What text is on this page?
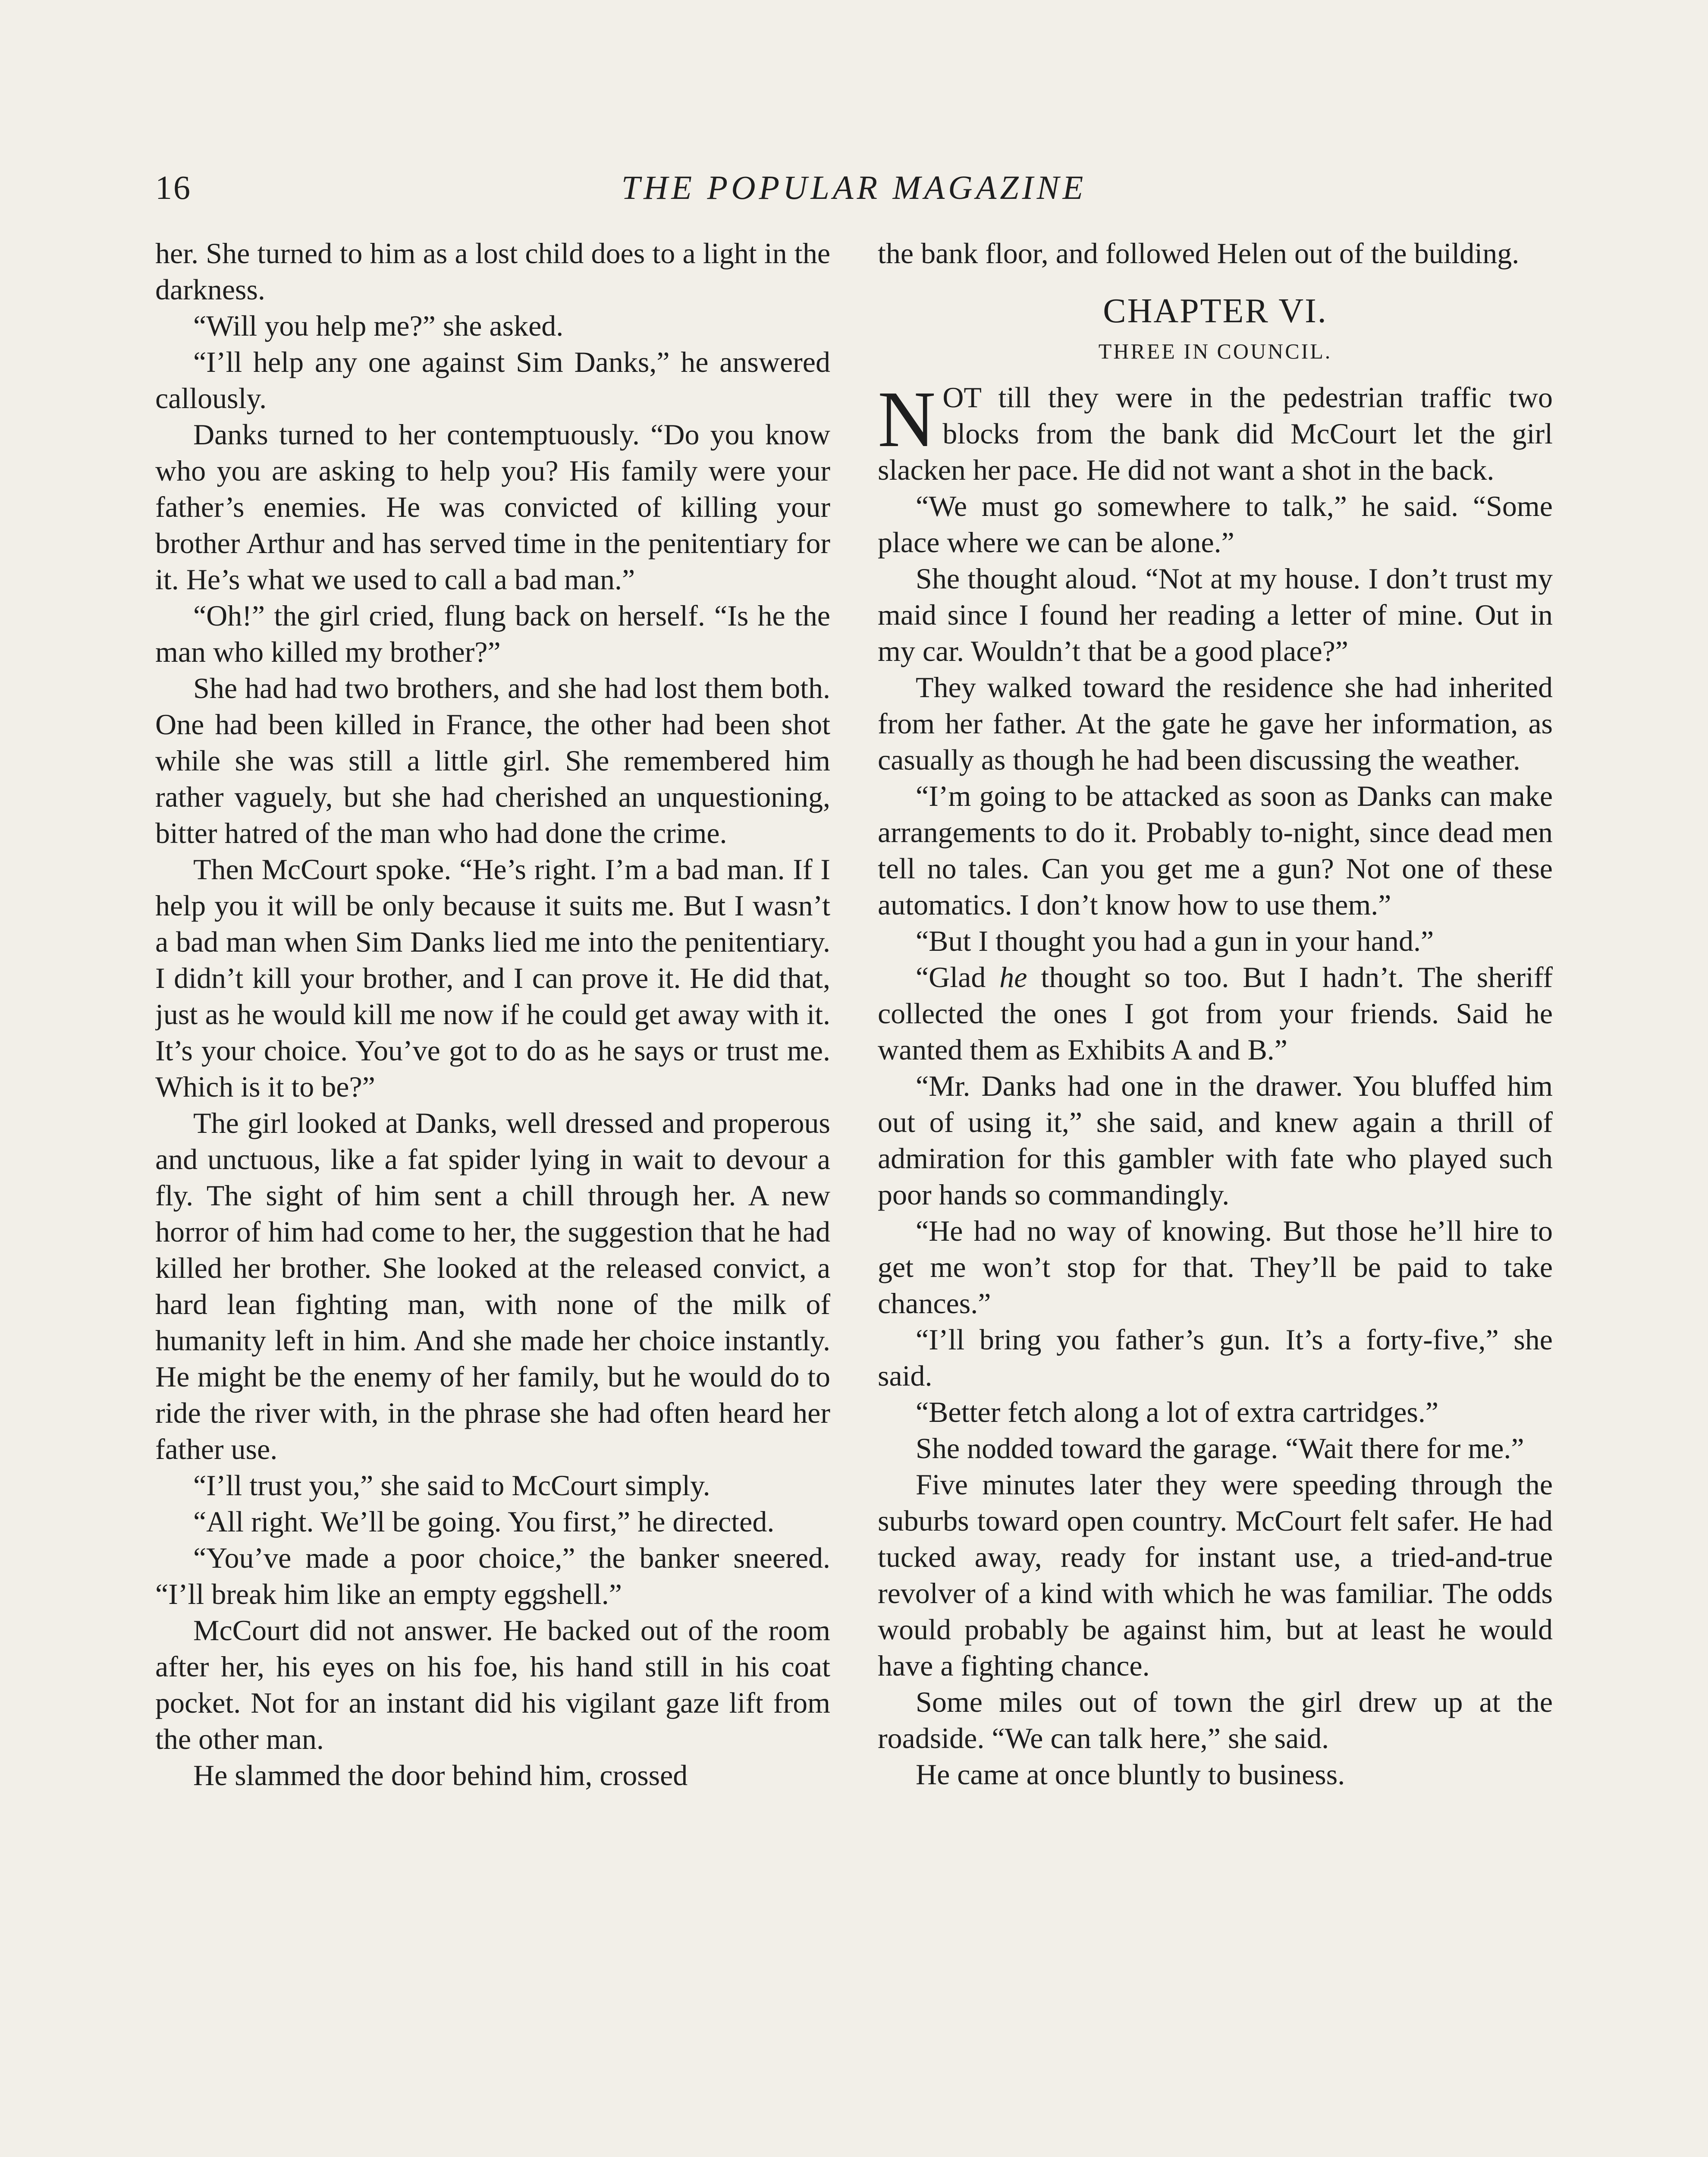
16	THE POPULAR MAGAZINE

her. She turned to him as a lost child does to a light in the darkness.

“Will you help me?” she asked.

“I’ll help any one against Sim Danks,” he answered callously.

Danks turned to her contemptuously. “Do you know who you are asking to help you? His family were your father’s enemies. He was convicted of killing your brother Arthur and has served time in the penitentiary for it. He’s what we used to call a bad man.”

“Oh!” the girl cried, flung back on herself. “Is he the man who killed my brother?”

She had had two brothers, and she had lost them both. One had been killed in France, the other had been shot while she was still a little girl. She remembered him rather vaguely, but she had cherished an unquestioning, bitter hatred of the man who had done the crime.

Then McCourt spoke. “He’s right. I’m a bad man. If I help you it will be only because it suits me. But I wasn’t a bad man when Sim Danks lied me into the penitentiary. I didn’t kill your brother, and I can prove it. He did that, just as he would kill me now if he could get away with it. It’s your choice. You’ve got to do as he says or trust me. Which is it to be?”

The girl looked at Danks, well dressed and properous and unctuous, like a fat spider lying in wait to devour a fly. The sight of him sent a chill through her. A new horror of him had come to her, the suggestion that he had killed her brother. She looked at the released convict, a hard lean fighting man, with none of the milk of humanity left in him. And she made her choice instantly. He might be the enemy of her family, but he would do to ride the river with, in the phrase she had often heard her father use.

“I’ll trust you,” she said to McCourt simply.

“All right. We’ll be going. You first,” he directed.

“You’ve made a poor choice,” the banker sneered. “I’ll break him like an empty eggshell.”

McCourt did not answer. He backed out of the room after her, his eyes on his foe, his hand still in his coat pocket. Not for an instant did his vigilant gaze lift from the other man.

He slammed the door behind him, crossed

the bank floor, and followed Helen out of the building.

CHAPTER VI.
THREE IN COUNCIL.

NOT till they were in the pedestrian traffic two blocks from the bank did McCourt let the girl slacken her pace. He did not want a shot in the back.

“We must go somewhere to talk,” he said. “Some place where we can be alone.”

She thought aloud. “Not at my house. I don’t trust my maid since I found her reading a letter of mine. Out in my car. Wouldn’t that be a good place?”

They walked toward the residence she had inherited from her father. At the gate he gave her information, as casually as though he had been discussing the weather.

“I’m going to be attacked as soon as Danks can make arrangements to do it. Probably to-night, since dead men tell no tales. Can you get me a gun? Not one of these automatics. I don’t know how to use them.”

“But I thought you had a gun in your hand.”

“Glad he thought so too. But I hadn’t. The sheriff collected the ones I got from your friends. Said he wanted them as Exhibits A and B.”

“Mr. Danks had one in the drawer. You bluffed him out of using it,” she said, and knew again a thrill of admiration for this gambler with fate who played such poor hands so commandingly.

“He had no way of knowing. But those he’ll hire to get me won’t stop for that. They’ll be paid to take chances.”

“I’ll bring you father’s gun. It’s a forty-five,” she said.

“Better fetch along a lot of extra cartridges.”

She nodded toward the garage. “Wait there for me.”

Five minutes later they were speeding through the suburbs toward open country. McCourt felt safer. He had tucked away, ready for instant use, a tried-and-true revolver of a kind with which he was familiar. The odds would probably be against him, but at least he would have a fighting chance.

Some miles out of town the girl drew up at the roadside. “We can talk here,” she said.

He came at once bluntly to business.
